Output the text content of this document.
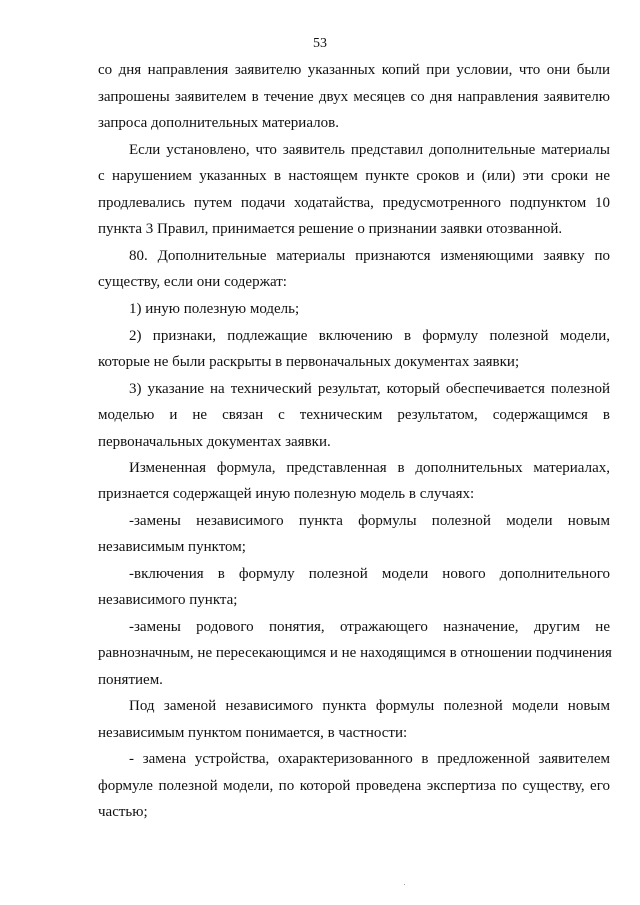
53
со дня направления заявителю указанных копий при условии, что они были
запрошены заявителем в течение двух месяцев со дня направления заявителю
запроса дополнительных материалов.
Если установлено, что заявитель представил дополнительные материалы
с нарушением указанных в настоящем пункте сроков и (или) эти сроки не
продлевались путем подачи ходатайства, предусмотренного подпунктом 10
пункта 3 Правил, принимается решение о признании заявки отозванной.
80. Дополнительные материалы признаются изменяющими заявку по
существу, если они содержат:
1) иную полезную модель;
2) признаки, подлежащие включению в формулу полезной модели,
которые не были раскрыты в первоначальных документах заявки;
3) указание на технический результат, который обеспечивается полезной
моделью и не связан с техническим результатом, содержащимся в
первоначальных документах заявки.
Измененная формула, представленная в дополнительных материалах,
признается содержащей иную полезную модель в случаях:
-замены независимого пункта формулы полезной модели новым
независимым пунктом;
-включения в формулу полезной модели нового дополнительного
независимого пункта;
-замены родового понятия, отражающего назначение, другим не
равнозначным, не пересекающимся и не находящимся в отношении подчинения
понятием.
Под заменой независимого пункта формулы полезной модели новым
независимым пунктом понимается, в частности:
- замена устройства, охарактеризованного в предложенной заявителем
формуле полезной модели, по которой проведена экспертиза по существу, его
частью;
